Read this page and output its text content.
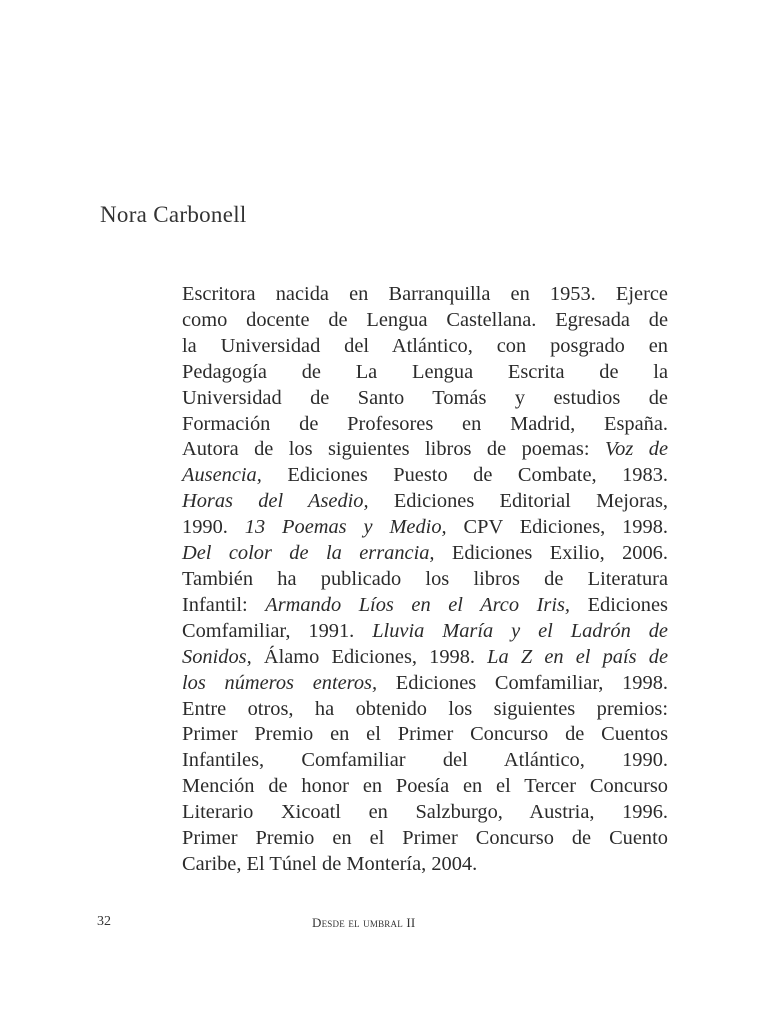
Nora Carbonell
Escritora nacida en Barranquilla en 1953. Ejerce
como docente de Lengua Castellana. Egresada de
la Universidad del Atlántico, con posgrado en
Pedagogía de La Lengua Escrita de la
Universidad de Santo Tomás y estudios de
Formación de Profesores en Madrid, España.
Autora de los siguientes libros de poemas: Voz de
Ausencia, Ediciones Puesto de Combate, 1983.
Horas del Asedio, Ediciones Editorial Mejoras,
1990. 13 Poemas y Medio, CPV Ediciones, 1998.
Del color de la errancia, Ediciones Exilio, 2006.
También ha publicado los libros de Literatura
Infantil: Armando Líos en el Arco Iris, Ediciones
Comfamiliar, 1991. Lluvia María y el Ladrón de
Sonidos, Álamo Ediciones, 1998. La Z en el país de
los números enteros, Ediciones Comfamiliar, 1998.
Entre otros, ha obtenido los siguientes premios:
Primer Premio en el Primer Concurso de Cuentos
Infantiles, Comfamiliar del Atlántico, 1990.
Mención de honor en Poesía en el Tercer Concurso
Literario Xicoatl en Salzburgo, Austria, 1996.
Primer Premio en el Primer Concurso de Cuento
Caribe, El Túnel de Montería, 2004.
32	Desde el umbral II
